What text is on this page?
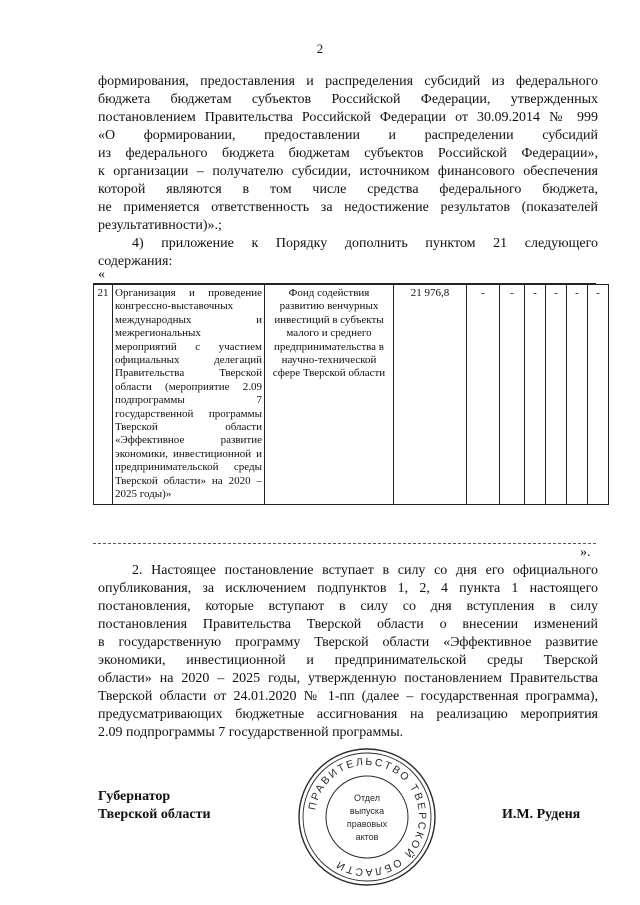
2
формирования, предоставления и распределения субсидий из федерального
бюджета бюджетам субъектов Российской Федерации, утвержденных
постановлением Правительства Российской Федерации от 30.09.2014 № 999
«О формировании, предоставлении и распределении субсидий
из федерального бюджета бюджетам субъектов Российской Федерации»,
к организации – получателю субсидии, источником финансового обеспечения
которой являются в том числе средства федерального бюджета,
не применяется ответственность за недостижение результатов (показателей
результативности)».;
4) приложение к Порядку дополнить пунктом 21 следующего
содержания:
«
21	Организация и проведение конгрессно-выставочных международных и межрегиональных мероприятий с участием официальных делегаций Правительства Тверской области (мероприятие 2.09 подпрограммы 7 государственной программы Тверской области «Эффективное развитие экономики, инвестиционной и предпринимательской среды Тверской области» на 2020 – 2025 годы)»	Фонд содействия развитию венчурных инвестиций в субъекты малого и среднего предпринимательства в научно-технической сфере Тверской области	21 976,8	-	-	-	-	-	-
».
2. Настоящее постановление вступает в силу со дня его официального
опубликования, за исключением подпунктов 1, 2, 4 пункта 1 настоящего
постановления, которые вступают в силу со дня вступления в силу
постановления Правительства Тверской области о внесении изменений
в государственную программу Тверской области «Эффективное развитие
экономики, инвестиционной и предпринимательской среды Тверской
области» на 2020 – 2025 годы, утвержденную постановлением Правительства
Тверской области от 24.01.2020 № 1-пп (далее – государственная программа),
предусматривающих бюджетные ассигнования на реализацию мероприятия
2.09 подпрограммы 7 государственной программы.
Губернатор
Тверской области
ПРАВИТЕЛЬСТВО ТВЕРСКОЙ ОБЛАСТИ
Отдел
выпуска
правовых
актов
И.М. Руденя
